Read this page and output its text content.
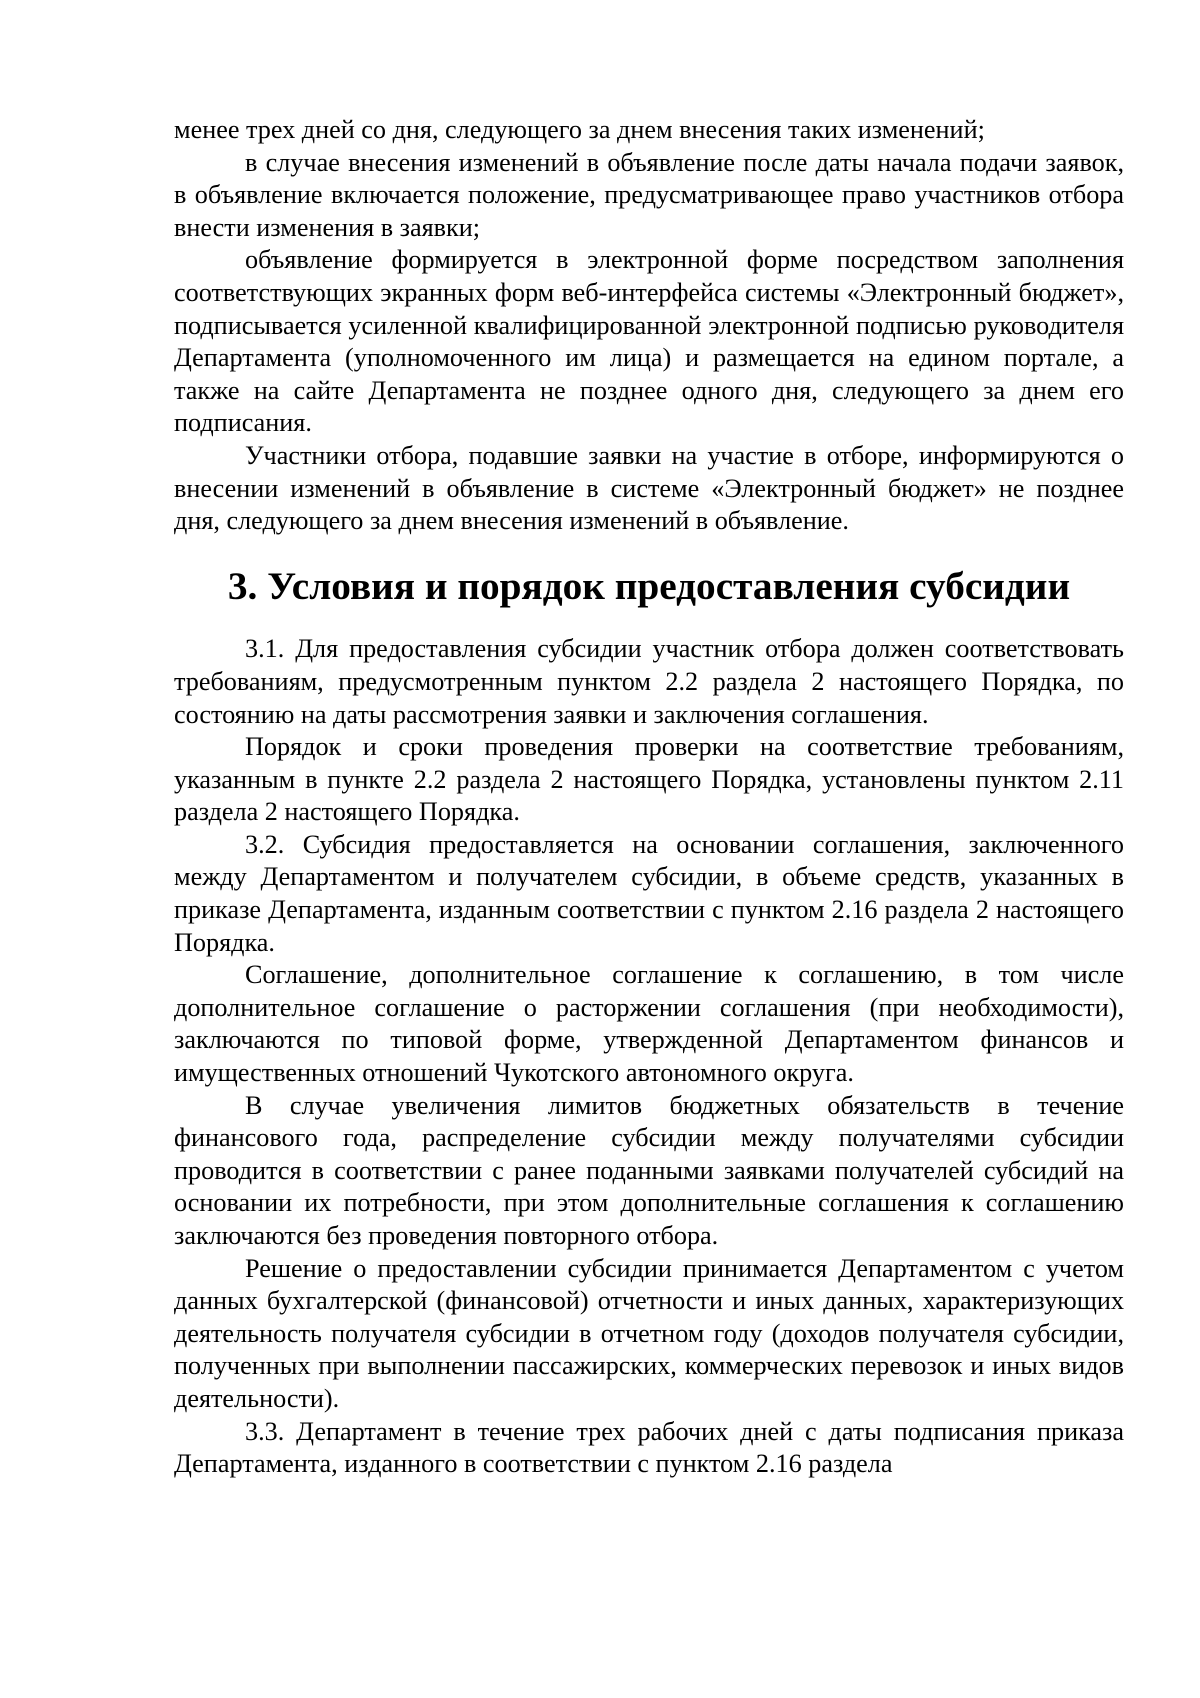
менее трех дней со дня, следующего за днем внесения таких изменений;

в случае внесения изменений в объявление после даты начала подачи заявок, в объявление включается положение, предусматривающее право участников отбора внести изменения в заявки;

объявление формируется в электронной форме посредством заполнения соответствующих экранных форм веб-интерфейса системы «Электронный бюджет», подписывается усиленной квалифицированной электронной подписью руководителя Департамента (уполномоченного им лица) и размещается на едином портале, а также на сайте Департамента не позднее одного дня, следующего за днем его подписания.

Участники отбора, подавшие заявки на участие в отборе, информируются о внесении изменений в объявление в системе «Электронный бюджет» не позднее дня, следующего за днем внесения изменений в объявление.

3. Условия и порядок предоставления субсидии

3.1. Для предоставления субсидии участник отбора должен соответствовать требованиям, предусмотренным пунктом 2.2 раздела 2 настоящего Порядка, по состоянию на даты рассмотрения заявки и заключения соглашения.

Порядок и сроки проведения проверки на соответствие требованиям, указанным в пункте 2.2 раздела 2 настоящего Порядка, установлены пунктом 2.11 раздела 2 настоящего Порядка.

3.2. Субсидия предоставляется на основании соглашения, заключенного между Департаментом и получателем субсидии, в объеме средств, указанных в приказе Департамента, изданным соответствии с пунктом 2.16 раздела 2 настоящего Порядка.

Соглашение, дополнительное соглашение к соглашению, в том числе дополнительное соглашение о расторжении соглашения (при необходимости), заключаются по типовой форме, утвержденной Департаментом финансов и имущественных отношений Чукотского автономного округа.

В случае увеличения лимитов бюджетных обязательств в течение финансового года, распределение субсидии между получателями субсидии проводится в соответствии с ранее поданными заявками получателей субсидий на основании их потребности, при этом дополнительные соглашения к соглашению заключаются без проведения повторного отбора.

Решение о предоставлении субсидии принимается Департаментом с учетом данных бухгалтерской (финансовой) отчетности и иных данных, характеризующих деятельность получателя субсидии в отчетном году (доходов получателя субсидии, полученных при выполнении пассажирских, коммерческих перевозок и иных видов деятельности).

3.3. Департамент в течение трех рабочих дней с даты подписания приказа Департамента, изданного в соответствии с пунктом 2.16 раздела
